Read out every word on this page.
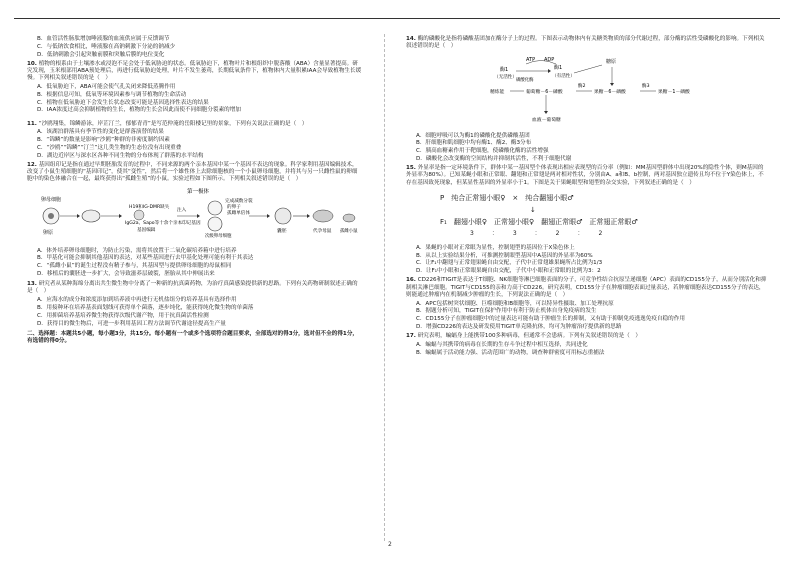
B．血管活性肠肽增加唾液腺的血流供应属于反馈调节
C．与低钠饮食相比，唾液腺在高钠刺激下分泌的钠减少
D．低钠刺激会引起突触前膜和突触后膜的电位变化
10. 植物的根系由于土壤渗水或浸泡不足会处于低氧胁迫的状态。低氧胁迫下，植物叶片和根组织中脱落酸（ABA）含量显著提高。研究发现，玉米根部用ABA预处理后，再进行低氧胁迫处理，叶片不发生萎蔫，长期低氧条件下，植物体内大量积累IAA会导致植物生长缓慢。下列相关叙述错误的是（　）
A．低氧胁迫下，ABA可能会使气孔关闭来降低蒸腾作用
B．根据信息可知，低氧等环境因素参与调节植物的生命活动
C．植物在低氧胁迫下会发生长状态改变可能是基因选择性表达的结果
D．IAA浓度过高会抑制植物的生长，植物的生长会因此而使不同细胞分裂素的增加
11. “沙鸥翔集，锦鳞游泳，岸芷汀兰，郁郁青青”是写范仲淹的岳阳楼记里的景象，下列有关说法正确的是（　）
A．该湖泊群落具有季节性的变化是群落演替的结果
B．“锦鳞”的数量是影响“沙鸥”种群的非密度制约因素
C．“沙鸥”“锦鳞”“汀兰”这几类生物的生态位没有出现重叠
D．湖边近岸区与深水区各种不同生物的分布体现了群落的水平结构
12. 基因组印记是指在通过早期胚胎发育的过程中，不同来源的两个亲本基因中某一个基因不表达的现象。科学家利用基因编辑技术，改变了小鼠生殖细胞的“基因印记”，使其“变性”，然后将一个雄性体上去除细胞核的一个小鼠卵母细胞，并将其与另一只雌性鼠的卵细胞中的染色体融合在一起，最终获得出“孤雌生殖”的小鼠。实验过程如下图所示。下列相关叙述错误的是（　）
第一极体
卵母细胞
卵原
H19和IG-DMR缺失
IgG2a、Sapo等十余个亲本印记基因
基因编辑
注入
次级卵母细胞
完成减数分裂
的卵子
孤雌单倍体
囊胚	代孕母鼠 孤雌小鼠
A．体外培养卵母细胞时，为防止污染，需将其放置于二氧化碳培养箱中进行培养
B．甲基化可能会抑制其他基因的表达，对某些基因进行去甲基化处理可能有利于其表达
C．“孤雌小鼠”的诞生过程没有精子参与，其基因型与提供卵母细胞的母鼠相同
D．移植后的囊胚进一步扩大，会导致滋养层破裂，胚胎从其中伸展出来
13. 研究者从某种海绵分离出共生微生物中分离了一种新的抗真菌药物，为治疗真菌感染提供新的思路。下列有关药物研制叙述正确的是（　）
A．应海水的成分和浓度添加到培养液中再进行无机盐组分的培养基具有选择作用
B．用接种环在培养基表面划线可获得单个菌落，逐步纯化，能获得纯化微生物的单菌落
C．用抑菌培养基培养微生物获得次级代谢产物，用于抗真菌活性检测
D．获得目的微生物后，可进一步利用基因工程方法调节代谢途径提高生产量
二、选择题：本题共5小题，每小题3分，共15分。每小题有一个或多个选项符合题目要求，全部选对的得3分，选对但不全的得1分，有选错的得0分。
14. 酶的磷酸化是指将磷酸基团加在酶分子上的过程。下图表示动物体内有关糖类物质的部分代谢过程，部分酶的活性受磷酸化的影响。下列相关叙述错误的是（　）
ATP ADP
酶1
（无活性）
酶1
（有活性）
磷酸化酶
糖原
精炼能	葡萄糖－6－磷酸
酶2
果糖－6－磷酸
酶3
果糖－1－磷酸
血液－葡萄糖
A．细胞呼吸可以为酶1的磷酸化提供磷酸基团
B．肝细胞和肌细胞中均有酶1、酶2、酶3分布
C．胰高血糖素作用于靶细胞，使磷酸化酶的活性增强
D．磷酸化会改变酶的空间结构并抑制其活性，不利于细胞代谢
15. 外显率是指一定环境条件下，群体中某一基因型个体表现出相应表现型的百分率（例如：MM基因型群体中出现20%的隐性个体，则M基因的外显率为80%）。已知某蝇小眼和正常眼、翻翅和正常翅是两对相对性状，分别由A、a和B、b控制，两对基因独立遗传且均不位于Y染色体上，不存在基因致死现象，但某显性基因的外显率小于1。下图是关于果蝇眼型和翅型的杂交实验，下列叙述正确的是（　）
P　纯合正常翅小眼♀　×　纯合翻翅小眼♂
↓
F₁　翻翅小眼♀　正常翅小眼♀　翻翅正常眼♂　正常翅正常眼♂
3　　　：　　　3　　　：　　　2　　　：　　　2
A．果蝇的小眼对正常眼为显性，控制翅型的基因位于X染色体上
B．从以上实验结果分析，可推测控制眼型基因中A基因的外显率为60%
C．让F₁中翻翅与正常翅果蝇自由交配，子代中正常翅雄果蝇所占比例为1/3
D．让F₁中小眼和正常眼果蝇自由交配，子代中小眼和正常眼的比例为3：2
16. CD226和TIGIT是表达于T细胞、NK细胞等淋巴细胞表面的分子，可竞争性结合抗原呈递细胞（APC）表面的CD155分子，从而分别活化和抑制相关淋巴细胞。TIGIT与CD155的亲和力高于CD226。研究表明，CD155分子在肿瘤细胞表面过量表达，若肿瘤细胞表达CD155分子的表达，则能通过肿瘤内在机制减少肿瘤的生长，下列说法正确的是（　）
A．APC包括树突状细胞、巨噬细胞和B细胞等，可以特异性摄取、加工处理抗原
B．据题分析可知，TIGIT在保护作用中有利于防止机体自身免疫病的发生
C．CD155分子在肿瘤细胞中的过量表达可能有助于肿瘤生长的抑制，又有助于抑制免疫逃逸免疫自稳的作用
D．增强CD226的表达及研发使用TIGIT单克隆抗体，均可为肿瘤治疗提供新的思路
17. 研究表明，蝙蝠身上能携带100多种病毒，但通常不会患病。下列有关叙述错误的是（　）
A．蝙蝠与其携带的病毒在长期的生存斗争过程中相互选择，共同进化
B．蝙蝠属于活动能力强、活动范围广的动物，调查种群密度可用标志重捕法
2
